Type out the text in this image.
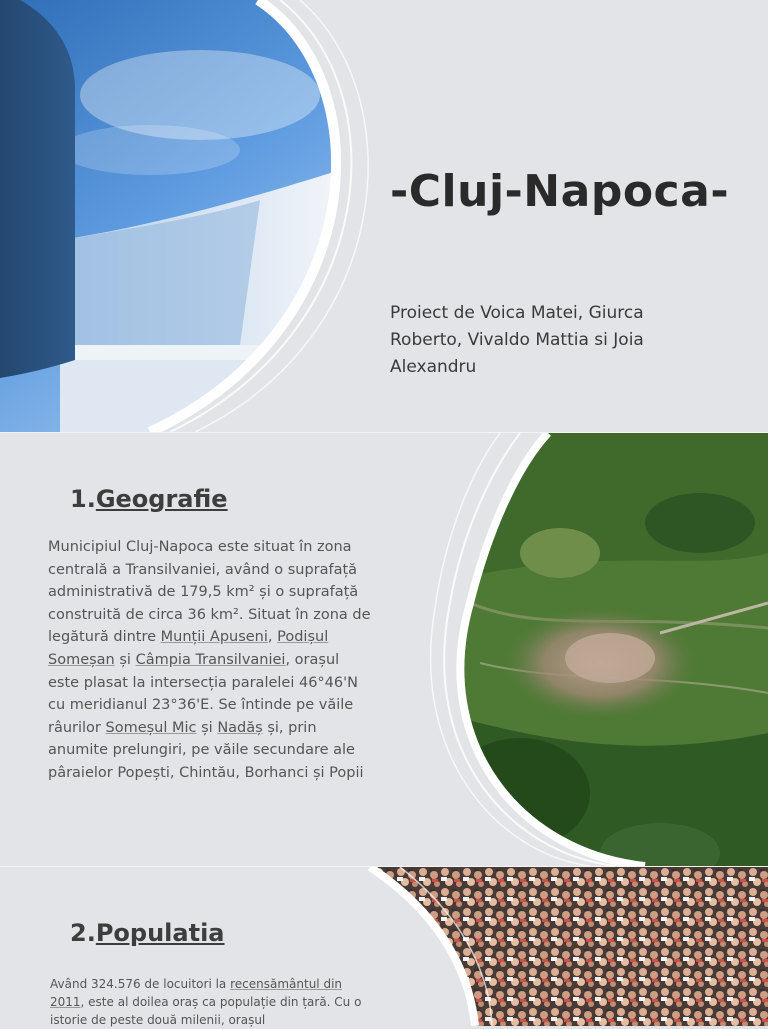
-Cluj-Napoca-

Proiect de Voica Matei, Giurca Roberto, Vivaldo Mattia si Joia Alexandru

1.Geografie

Municipiul Cluj-Napoca este situat în zona centrală a Transilvaniei, având o suprafață administrativă de 179,5 km² și o suprafață construită de circa 36 km². Situat în zona de legătură dintre Munții Apuseni, Podișul Someșan și Câmpia Transilvaniei, orașul este plasat la intersecția paralelei 46°46'N cu meridianul 23°36'E. Se întinde pe văile râurilor Someșul Mic și Nadăș și, prin anumite prelungiri, pe văile secundare ale pâraielor Popești, Chintău, Borhanci și Popii

2.Populatia

Având 324.576 de locuitori la recensământul din 2011, este al doilea oraș ca populație din țară. Cu o istorie de peste două milenii, orașul
